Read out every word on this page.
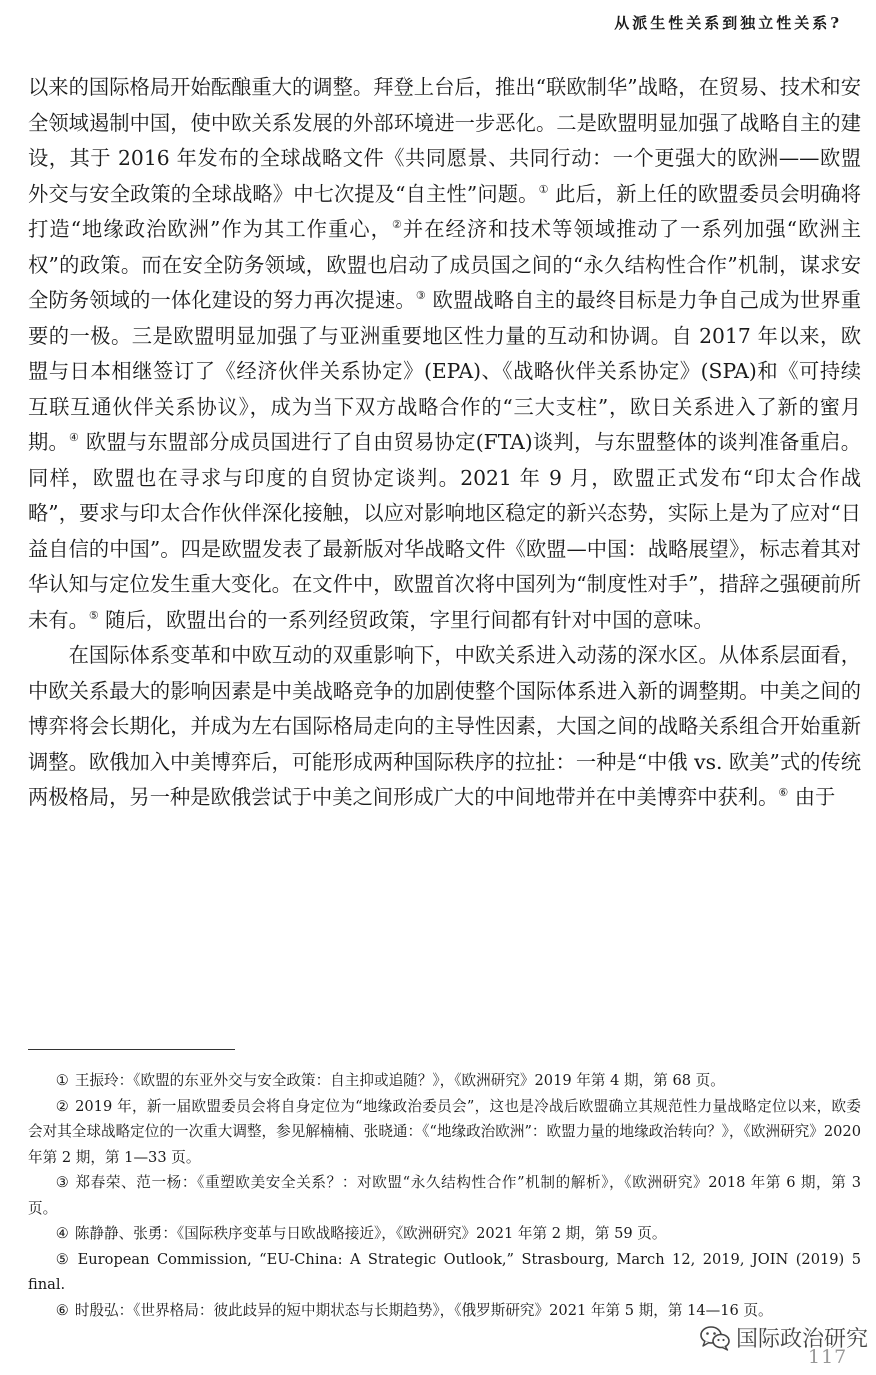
从派生性关系到独立性关系?

以来的国际格局开始酝酿重大的调整。拜登上台后，推出“联欧制华”战略，在贸易、技术和安全领域遏制中国，使中欧关系发展的外部环境进一步恶化。二是欧盟明显加强了战略自主的建设，其于 2016 年发布的全球战略文件《共同愿景、共同行动：一个更强大的欧洲——欧盟外交与安全政策的全球战略》中七次提及“自主性”问题。① 此后，新上任的欧盟委员会明确将打造“地缘政治欧洲”作为其工作重心，②并在经济和技术等领域推动了一系列加强“欧洲主权”的政策。而在安全防务领域，欧盟也启动了成员国之间的“永久结构性合作”机制，谋求安全防务领域的一体化建设的努力再次提速。③ 欧盟战略自主的最终目标是力争自己成为世界重要的一极。三是欧盟明显加强了与亚洲重要地区性力量的互动和协调。自 2017 年以来，欧盟与日本相继签订了《经济伙伴关系协定》(EPA)、《战略伙伴关系协定》(SPA)和《可持续互联互通伙伴关系协议》，成为当下双方战略合作的“三大支柱”，欧日关系进入了新的蜜月期。④ 欧盟与东盟部分成员国进行了自由贸易协定(FTA)谈判，与东盟整体的谈判准备重启。同样，欧盟也在寻求与印度的自贸协定谈判。2021 年 9 月，欧盟正式发布“印太合作战略”，要求与印太合作伙伴深化接触，以应对影响地区稳定的新兴态势，实际上是为了应对“日益自信的中国”。四是欧盟发表了最新版对华战略文件《欧盟—中国：战略展望》，标志着其对华认知与定位发生重大变化。在文件中，欧盟首次将中国列为“制度性对手”，措辞之强硬前所未有。⑤ 随后，欧盟出台的一系列经贸政策，字里行间都有针对中国的意味。

在国际体系变革和中欧互动的双重影响下，中欧关系进入动荡的深水区。从体系层面看，中欧关系最大的影响因素是中美战略竞争的加剧使整个国际体系进入新的调整期。中美之间的博弈将会长期化，并成为左右国际格局走向的主导性因素，大国之间的战略关系组合开始重新调整。欧俄加入中美博弈后，可能形成两种国际秩序的拉扯：一种是“中俄 vs. 欧美”式的传统两极格局，另一种是欧俄尝试于中美之间形成广大的中间地带并在中美博弈中获利。⑥ 由于

① 王振玲：《欧盟的东亚外交与安全政策：自主抑或追随？》，《欧洲研究》2019 年第 4 期，第 68 页。

② 2019 年，新一届欧盟委员会将自身定位为“地缘政治委员会”，这也是冷战后欧盟确立其规范性力量战略定位以来，欧委会对其全球战略定位的一次重大调整，参见解楠楠、张晓通：《“地缘政治欧洲”：欧盟力量的地缘政治转向？》，《欧洲研究》2020 年第 2 期，第 1—33 页。

③ 郑春荣、范一杨：《重塑欧美安全关系？：对欧盟“永久结构性合作”机制的解析》，《欧洲研究》2018 年第 6 期，第 3 页。

④ 陈静静、张勇：《国际秩序变革与日欧战略接近》，《欧洲研究》2021 年第 2 期，第 59 页。

⑤ European Commission, “EU-China: A Strategic Outlook,” Strasbourg, March 12, 2019, JOIN (2019) 5 final.

⑥ 时殷弘：《世界格局：彼此歧异的短中期状态与长期趋势》，《俄罗斯研究》2021 年第 5 期，第 14—16 页。

117
国际政治研究
